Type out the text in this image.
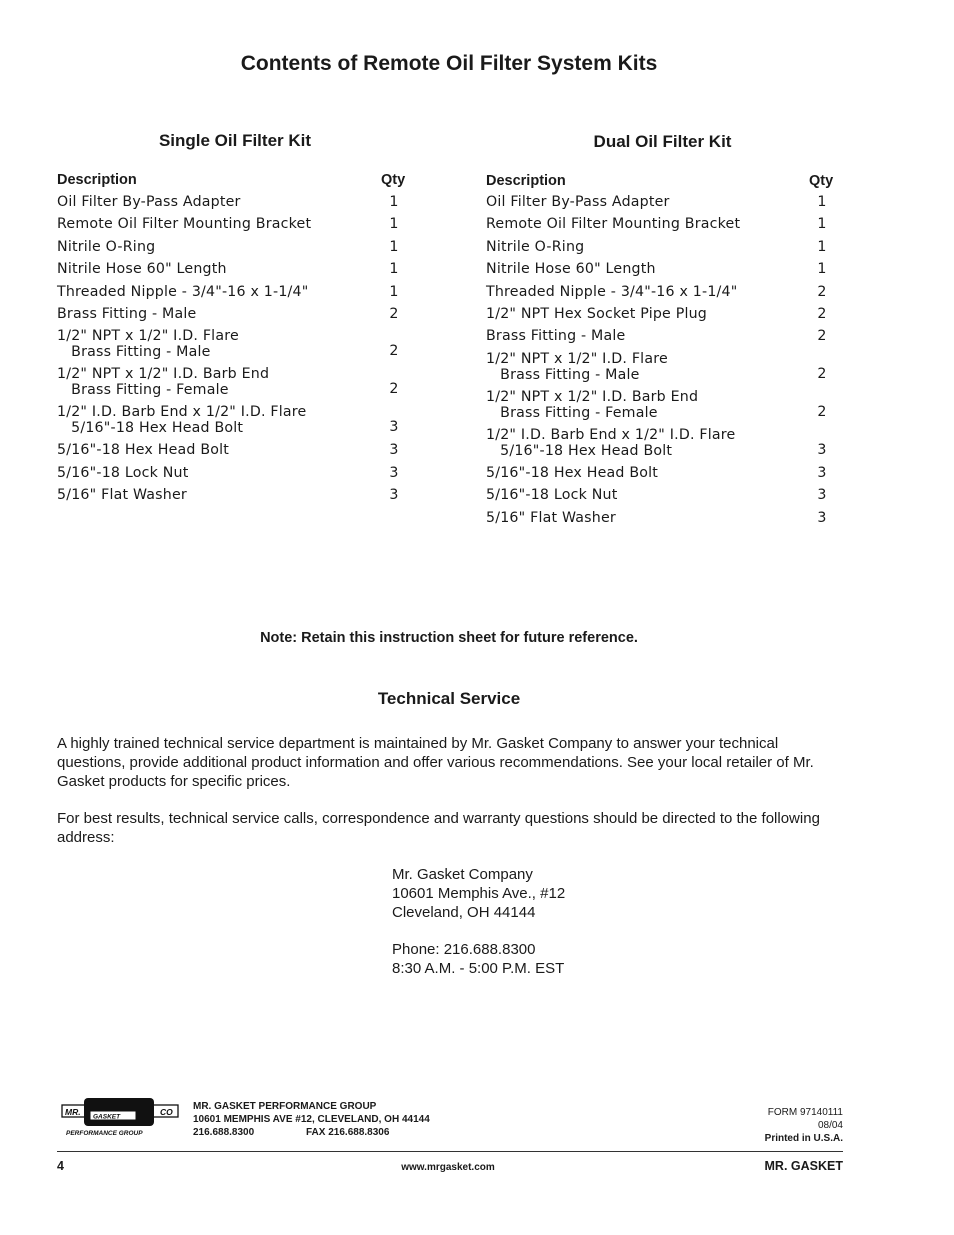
Contents of Remote Oil Filter System Kits
Single Oil Filter Kit
Description	Qty
Oil Filter By-Pass Adapter	1
Remote Oil Filter Mounting Bracket	1
Nitrile O-Ring	1
Nitrile Hose 60" Length	1
Threaded Nipple - 3/4"-16 x 1-1/4"	1
Brass Fitting - Male	2
1/2" NPT x 1/2" I.D. Flare
Brass Fitting - Male	2
1/2" NPT x 1/2" I.D. Barb End
Brass Fitting - Female	2
1/2" I.D. Barb End x 1/2" I.D. Flare
5/16"-18 Hex Head Bolt	3
5/16"-18 Hex Head Bolt	3
5/16"-18 Lock Nut	3
5/16" Flat Washer	3
Dual Oil Filter Kit
Description	Qty
Oil Filter By-Pass Adapter	1
Remote Oil Filter Mounting Bracket	1
Nitrile O-Ring	1
Nitrile Hose 60" Length	1
Threaded Nipple - 3/4"-16 x 1-1/4"	2
1/2" NPT Hex Socket Pipe Plug	2
Brass Fitting - Male	2
1/2" NPT x 1/2" I.D. Flare
Brass Fitting - Male	2
1/2" NPT x 1/2" I.D. Barb End
Brass Fitting - Female	2
1/2" I.D. Barb End x 1/2" I.D. Flare
5/16"-18 Hex Head Bolt	3
5/16"-18 Hex Head Bolt	3
5/16"-18 Lock Nut	3
5/16" Flat Washer	3
Note: Retain this instruction sheet for future reference.
Technical Service
A highly trained technical service department is maintained by Mr. Gasket Company to answer your technical questions, provide additional product information and offer various recommendations. See your local retailer of Mr. Gasket products for specific prices.
For best results, technical service calls, correspondence and warranty questions should be directed to the following address:
Mr. Gasket Company
10601 Memphis Ave., #12
Cleveland, OH 44144
Phone: 216.688.8300
8:30 A.M. - 5:00 P.M. EST
MR. GASKET	CO
PERFORMANCE GROUP
MR. GASKET PERFORMANCE GROUP
10601 MEMPHIS AVE #12, CLEVELAND, OH 44144
216.688.8300	FAX 216.688.8306
FORM 97140111
08/04
Printed in U.S.A.
4	www.mrgasket.com	MR. GASKET
